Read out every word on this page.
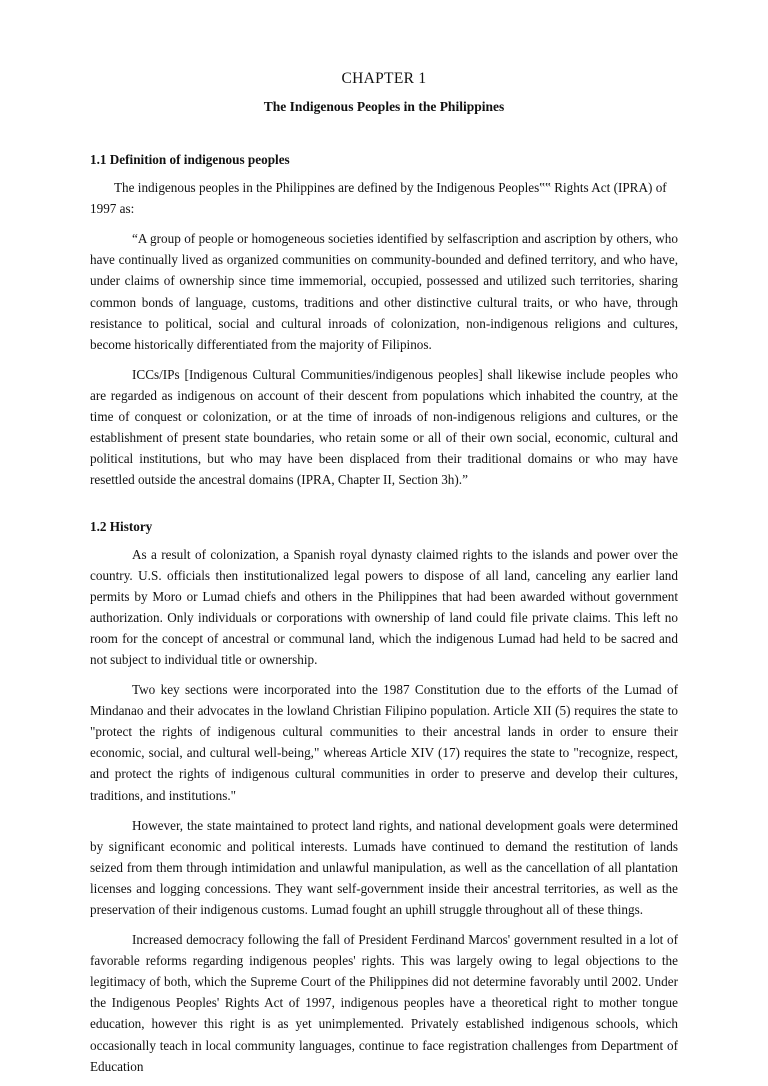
CHAPTER 1
The Indigenous Peoples in the Philippines
1.1 Definition of indigenous peoples

The indigenous peoples in the Philippines are defined by the Indigenous Peoples‟‟ Rights Act (IPRA) of 1997 as:

“A group of people or homogeneous societies identified by selfascription and ascription by others, who have continually lived as organized communities on community-bounded and defined territory, and who have, under claims of ownership since time immemorial, occupied, possessed and utilized such territories, sharing common bonds of language, customs, traditions and other distinctive cultural traits, or who have, through resistance to political, social and cultural inroads of colonization, non-indigenous religions and cultures, become historically differentiated from the majority of Filipinos.

ICCs/IPs [Indigenous Cultural Communities/indigenous peoples] shall likewise include peoples who are regarded as indigenous on account of their descent from populations which inhabited the country, at the time of conquest or colonization, or at the time of inroads of non-indigenous religions and cultures, or the establishment of present state boundaries, who retain some or all of their own social, economic, cultural and political institutions, but who may have been displaced from their traditional domains or who may have resettled outside the ancestral domains (IPRA, Chapter II, Section 3h).”

1.2 History

As a result of colonization, a Spanish royal dynasty claimed rights to the islands and power over the country. U.S. officials then institutionalized legal powers to dispose of all land, canceling any earlier land permits by Moro or Lumad chiefs and others in the Philippines that had been awarded without government authorization. Only individuals or corporations with ownership of land could file private claims. This left no room for the concept of ancestral or communal land, which the indigenous Lumad had held to be sacred and not subject to individual title or ownership.

Two key sections were incorporated into the 1987 Constitution due to the efforts of the Lumad of Mindanao and their advocates in the lowland Christian Filipino population. Article XII (5) requires the state to "protect the rights of indigenous cultural communities to their ancestral lands in order to ensure their economic, social, and cultural well-being," whereas Article XIV (17) requires the state to "recognize, respect, and protect the rights of indigenous cultural communities in order to preserve and develop their cultures, traditions, and institutions."

However, the state maintained to protect land rights, and national development goals were determined by significant economic and political interests. Lumads have continued to demand the restitution of lands seized from them through intimidation and unlawful manipulation, as well as the cancellation of all plantation licenses and logging concessions. They want self-government inside their ancestral territories, as well as the preservation of their indigenous customs. Lumad fought an uphill struggle throughout all of these things.

Increased democracy following the fall of President Ferdinand Marcos' government resulted in a lot of favorable reforms regarding indigenous peoples' rights. This was largely owing to legal objections to the legitimacy of both, which the Supreme Court of the Philippines did not determine favorably until 2002. Under the Indigenous Peoples' Rights Act of 1997, indigenous peoples have a theoretical right to mother tongue education, however this right is as yet unimplemented. Privately established indigenous schools, which occasionally teach in local community languages, continue to face registration challenges from Department of Education
